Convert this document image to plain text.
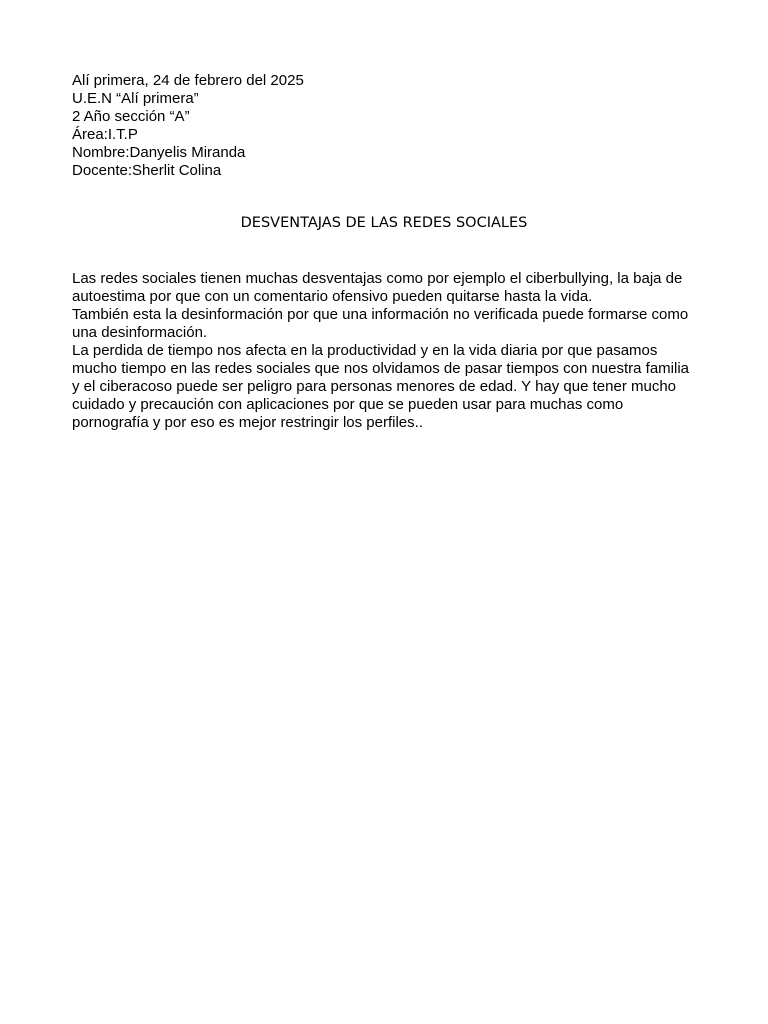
Alí primera, 24 de febrero del 2025
U.E.N “Alí primera”
2 Año sección “A”
Área:I.T.P
Nombre:Danyelis Miranda
Docente:Sherlit Colina
DESVENTAJAS DE LAS REDES SOCIALES
Las redes sociales tienen muchas desventajas como por ejemplo el ciberbullying, la baja de
autoestima por que con un comentario ofensivo pueden quitarse hasta la vida.
También esta la desinformación por que una información no verificada puede formarse como
una desinformación.
La perdida de tiempo nos afecta en la productividad y en la vida diaria por que pasamos
mucho tiempo en las redes sociales que nos olvidamos de pasar tiempos con nuestra familia
y el ciberacoso puede ser peligro para personas menores de edad. Y hay que tener mucho
cuidado y precaución con aplicaciones por que se pueden usar para muchas como
pornografía y por eso es mejor restringir los perfiles..
